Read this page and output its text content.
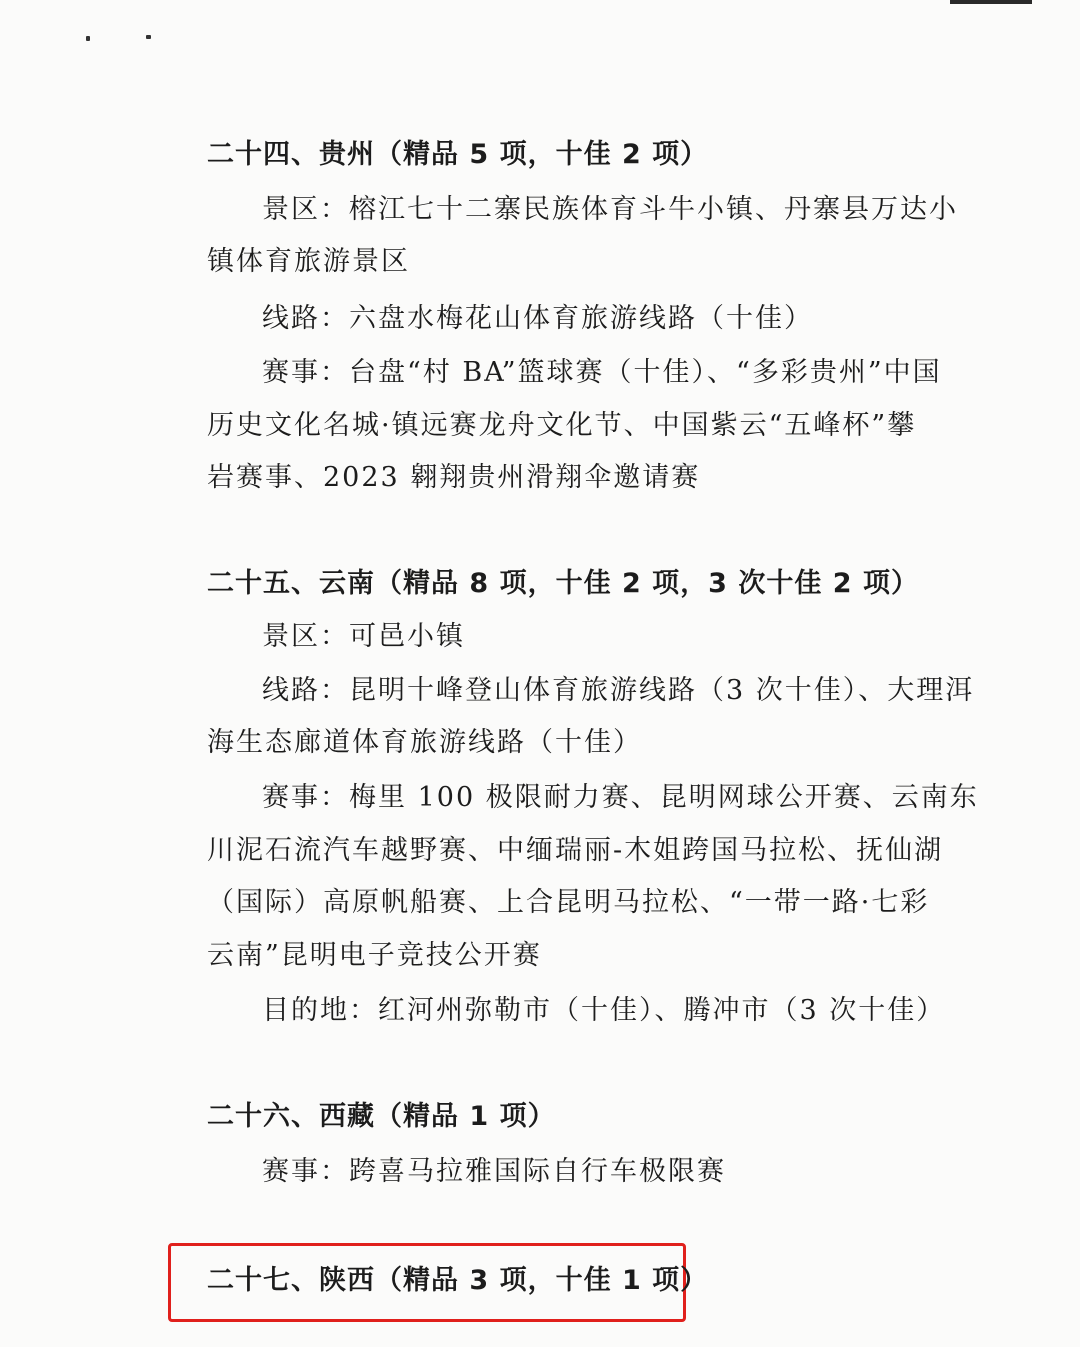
二十四、贵州（精品 5 项，十佳 2 项）
景区：榕江七十二寨民族体育斗牛小镇、丹寨县万达小
镇体育旅游景区
线路：六盘水梅花山体育旅游线路（十佳）
赛事：台盘“村 BA”篮球赛（十佳）、“多彩贵州”中国
历史文化名城·镇远赛龙舟文化节、中国紫云“五峰杯”攀
岩赛事、2023 翱翔贵州滑翔伞邀请赛
二十五、云南（精品 8 项，十佳 2 项，3 次十佳 2 项）
景区：可邑小镇
线路：昆明十峰登山体育旅游线路（3 次十佳）、大理洱
海生态廊道体育旅游线路（十佳）
赛事：梅里 100 极限耐力赛、昆明网球公开赛、云南东
川泥石流汽车越野赛、中缅瑞丽-木姐跨国马拉松、抚仙湖
（国际）高原帆船赛、上合昆明马拉松、“一带一路·七彩
云南”昆明电子竞技公开赛
目的地：红河州弥勒市（十佳）、腾冲市（3 次十佳）
二十六、西藏（精品 1 项）
赛事：跨喜马拉雅国际自行车极限赛
二十七、陕西（精品 3 项，十佳 1 项）
